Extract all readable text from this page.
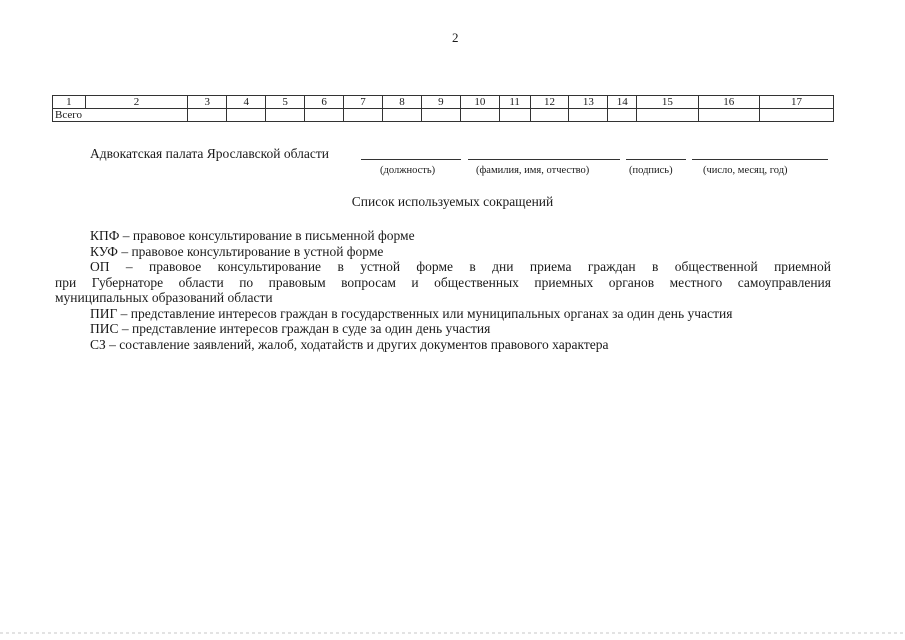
2
1	2	3	4	5	6	7	8	9	10	11	12	13	14	15	16	17
Всего																
Адвокатская палата Ярославской области
(должность)	(фамилия, имя, отчество)	(подпись)	(число, месяц, год)
Список используемых сокращений
КПФ – правовое консультирование в письменной форме
КУФ – правовое консультирование в устной форме
ОП – правовое консультирование в устной форме в дни приема граждан в общественной приемной
при Губернаторе области по правовым вопросам и общественных приемных органов местного самоуправления
муниципальных образований области
ПИГ – представление интересов граждан в государственных или муниципальных органах за один день участия
ПИС – представление интересов граждан в суде за один день участия
СЗ – составление заявлений, жалоб, ходатайств и других документов правового характера
